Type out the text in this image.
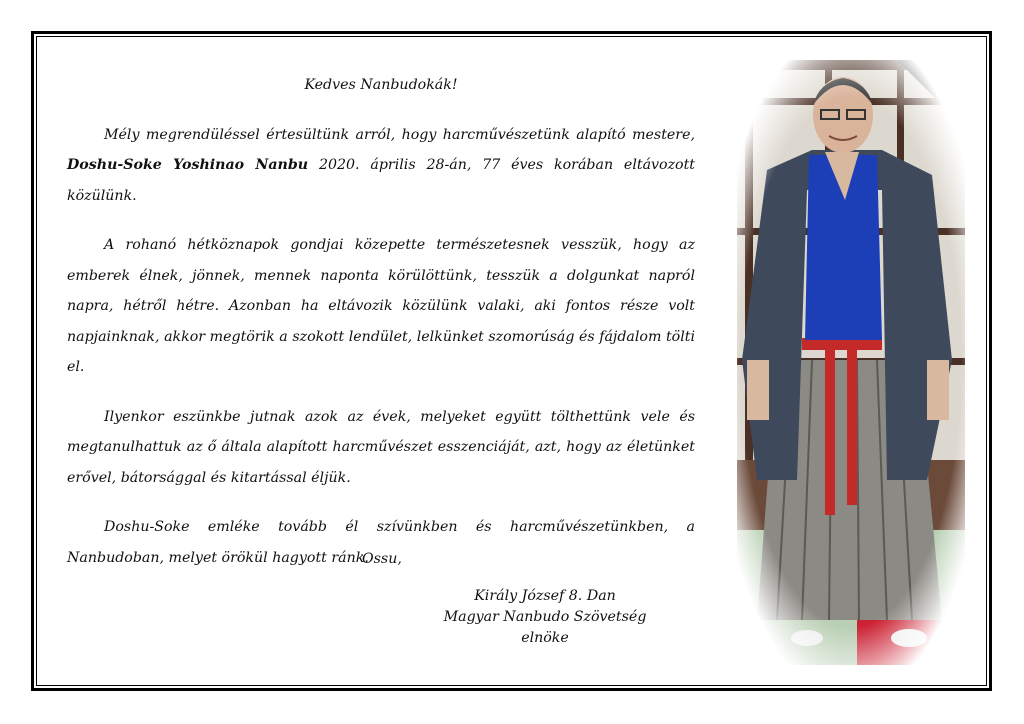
Kedves Nanbudokák!

Mély megrendüléssel értesültünk arról, hogy harcművészetünk alapító mestere, Doshu-Soke Yoshinao Nanbu 2020. április 28-án, 77 éves korában eltávozott közülünk.

A rohanó hétköznapok gondjai közepette természetesnek vesszük, hogy az emberek élnek, jönnek, mennek naponta körülöttünk, tesszük a dolgunkat napról napra, hétről hétre. Azonban ha eltávozik közülünk valaki, aki fontos része volt napjainknak, akkor megtörik a szokott lendület, lelkünket szomorúság és fájdalom tölti el.

Ilyenkor eszünkbe jutnak azok az évek, melyeket együtt tölthettünk vele és megtanulhattuk az ő általa alapított harcművészet esszenciáját, azt, hogy az életünket erővel, bátorsággal és kitartással éljük.

Doshu-Soke emléke tovább él szívünkben és harcművészetünkben, a Nanbudoban, melyet örökül hagyott ránk.

Ossu,
Király József 8. Dan
Magyar Nanbudo Szövetség
elnöke
